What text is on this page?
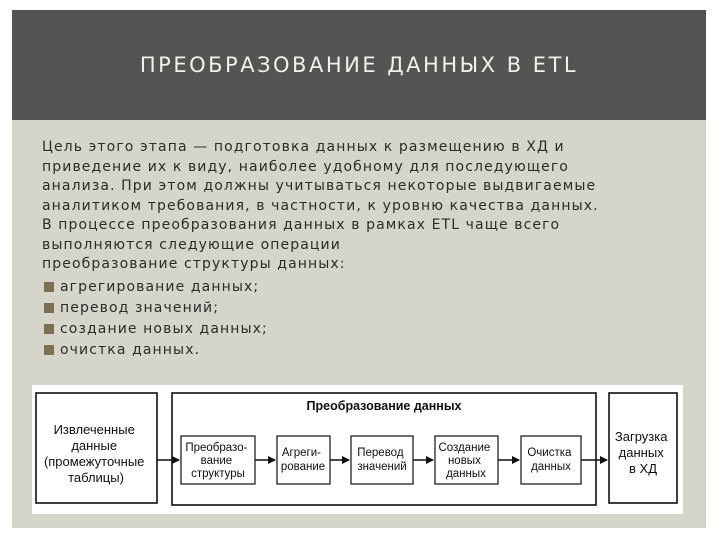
ПРЕОБРАЗОВАНИЕ ДАННЫХ В ETL

Цель этого этапа — подготовка данных к размещению в ХД и

приведение их к виду, наиболее удобному для последующего

анализа. При этом должны учитываться некоторые выдвигаемые

аналитиком требования, в частности, к уровню качества данных.

В процессе преобразования данных в рамках ETL чаще всего

выполняются следующие операции

преобразование структуры данных:

агрегирование данных;
перевод значений;
создание новых данных;
очистка данных.
Извлеченные данные (промежуточные таблицы)
Преобразование данных
Преобразо- вание структуры
Агреги- рование
Перевод значений
Создание новых данных
Очистка данных
Загрузка данных в ХД
